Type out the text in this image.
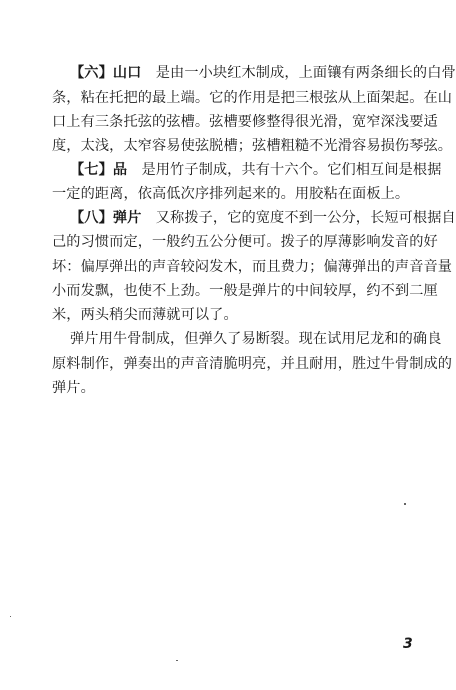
【六】山口　 是由一小块红木制成，上面镶有两条细长的白骨
条，粘在托把的最上端。它的作用是把三根弦从上面架起。在山
口上有三条托弦的弦槽。弦槽要修整得很光滑，宽窄深浅要适
度，太浅，太窄容易使弦脱槽；弦槽粗糙不光滑容易损伤琴弦。
【七】品　 是用竹子制成，共有十六个。它们相互间是根据
一定的距离，依高低次序排列起来的。用胶粘在面板上。
【八】弹片　 又称拨子，它的宽度不到一公分，长短可根据自
己的习惯而定，一般约五公分便可。拨子的厚薄影响发音的好
坏：偏厚弹出的声音较闷发木，而且费力；偏薄弹出的声音音量
小而发飘，也使不上劲。一般是弹片的中间较厚，约不到二厘
米，两头稍尖而薄就可以了。
弹片用牛骨制成，但弹久了易断裂。现在试用尼龙和的确良
原料制作，弹奏出的声音清脆明亮，并且耐用，胜过牛骨制成的
弹片。
3
